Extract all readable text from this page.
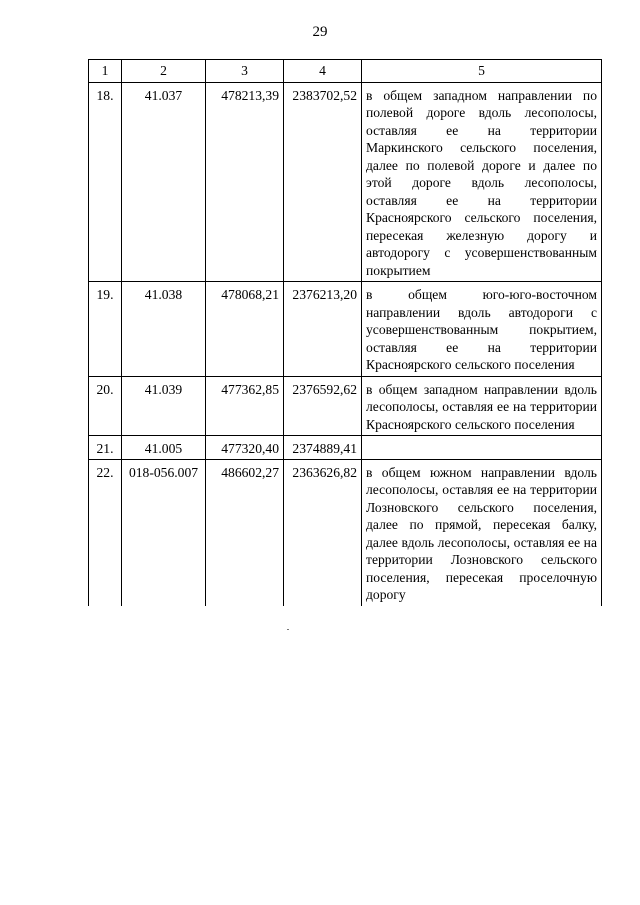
29
1	2	3	4	5
18.	41.037	478213,39	2383702,52	в общем западном направлении по полевой дороге вдоль лесополосы, оставляя ее на территории Маркинского сельского поселения, далее по полевой дороге и далее по этой дороге вдоль лесополосы, оставляя ее на территории Красноярского сельского поселения, пересекая железную дорогу и автодорогу с усовершенствованным покрытием
19.	41.038	478068,21	2376213,20	в общем юго-юго-восточном направлении вдоль автодороги с усовершенствованным покрытием, оставляя ее на территории Красноярского сельского поселения
20.	41.039	477362,85	2376592,62	в общем западном направлении вдоль лесополосы, оставляя ее на территории Красноярского сельского поселения
21.	41.005	477320,40	2374889,41	
22.	018-056.007	486602,27	2363626,82	в общем южном направлении вдоль лесополосы, оставляя ее на территории Лозновского сельского поселения, далее по прямой, пересекая балку, далее вдоль лесополосы, оставляя ее на территории Лозновского сельского поселения, пересекая проселочную дорогу
